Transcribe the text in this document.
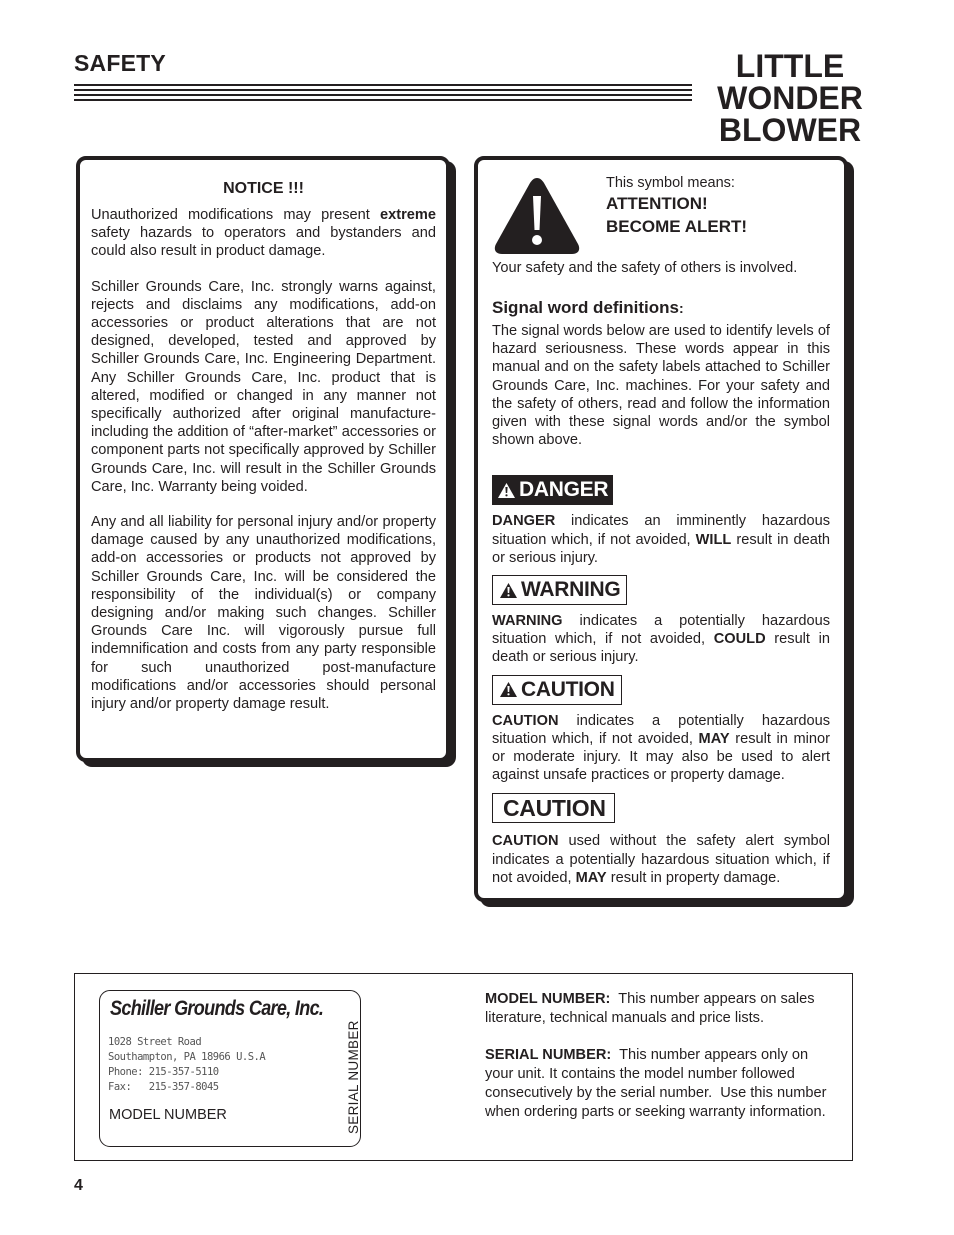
SAFETY	LITTLE
WONDER
BLOWER
NOTICE !!!

Unauthorized modifications may present extreme safety hazards to operators and bystanders and could also result in product damage.

Schiller Grounds Care, Inc. strongly warns against, rejects and disclaims any modifications, add-on accessories or product alterations that are not designed, developed, tested and approved by Schiller Grounds Care, Inc. Engineering Department. Any Schiller Grounds Care, Inc. product that is altered, modified or changed in any manner not specifically authorized after original manufacture-including the addition of “after-market” accessories or component parts not specifically approved by Schiller Grounds Care, Inc. will result in the Schiller Grounds Care, Inc. Warranty being voided.

Any and all liability for personal injury and/or property damage caused by any unauthorized modifications, add-on accessories or products not approved by Schiller Grounds Care, Inc. will be considered the responsibility of the individual(s) or company designing and/or making such changes. Schiller Grounds Care Inc. will vigorously pursue full indemnification and costs from any party responsible for such unauthorized post-manufacture modifications and/or accessories should personal injury and/or property damage result.

This symbol means:
ATTENTION!
BECOME ALERT!

Your safety and the safety of others is involved.

Signal word definitions:

The signal words below are used to identify levels of hazard seriousness. These words appear in this manual and on the safety labels attached to Schiller Grounds Care, Inc. machines. For your safety and the safety of others, read and follow the information given with these signal words and/or the symbol shown above.

DANGER

DANGER indicates an imminently hazardous situation which, if not avoided, WILL result in death or serious injury.

WARNING

WARNING indicates a potentially hazardous situation which, if not avoided, COULD result in death or serious injury.

CAUTION

CAUTION indicates a potentially hazardous situation which, if not avoided, MAY result in minor or moderate injury. It may also be used to alert against unsafe practices or property damage.

CAUTION

CAUTION used without the safety alert symbol indicates a potentially hazardous situation which, if not avoided, MAY result in property damage.

Schiller Grounds Care, Inc.
1028 Street Road
Southampton, PA 18966 U.S.A
Phone: 215-357-5110
Fax:   215-357-8045
MODEL NUMBER	SERIAL NUMBER

MODEL NUMBER:  This number appears on sales literature, technical manuals and price lists.

SERIAL NUMBER:  This number appears only on your unit. It contains the model number followed consecutively by the serial number.  Use this number when ordering parts or seeking warranty information.

4
